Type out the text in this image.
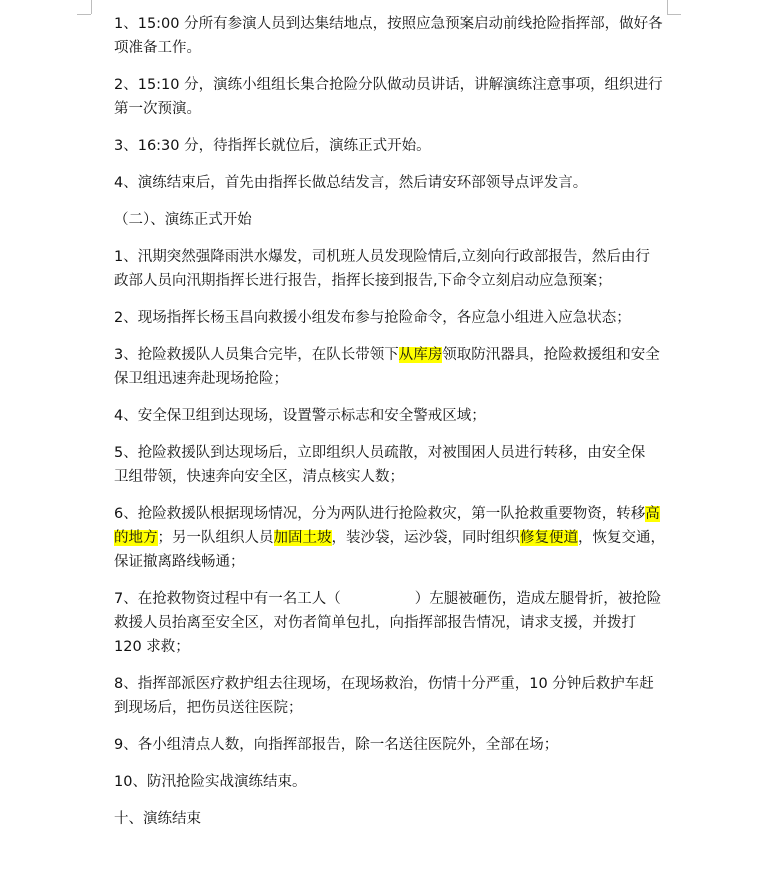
1、15:00 分所有参演人员到达集结地点，按照应急预案启动前线抢险指挥部，做好各
项准备工作。
2、15:10 分，演练小组组长集合抢险分队做动员讲话，讲解演练注意事项，组织进行
第一次预演。
3、16:30 分，待指挥长就位后，演练正式开始。
4、演练结束后，首先由指挥长做总结发言，然后请安环部领导点评发言。
（二）、演练正式开始
1、汛期突然强降雨洪水爆发，司机班人员发现险情后,立刻向行政部报告，然后由行
政部人员向汛期指挥长进行报告，指挥长接到报告,下命令立刻启动应急预案；
2、现场指挥长杨玉昌向救援小组发布参与抢险命令，各应急小组进入应急状态；
3、抢险救援队人员集合完毕，在队长带领下从库房领取防汛器具，抢险救援组和安全
保卫组迅速奔赴现场抢险；
4、安全保卫组到达现场，设置警示标志和安全警戒区域；
5、抢险救援队到达现场后，立即组织人员疏散，对被围困人员进行转移，由安全保
卫组带领，快速奔向安全区，清点核实人数；
6、抢险救援队根据现场情况，分为两队进行抢险救灾，第一队抢救重要物资，转移高
的地方；另一队组织人员加固土坡，装沙袋，运沙袋，同时组织修复便道，恢复交通，
保证撤离路线畅通；
7、在抢救物资过程中有一名工人（	）左腿被砸伤，造成左腿骨折，被抢险
救援人员抬离至安全区，对伤者简单包扎，向指挥部报告情况，请求支援，并拨打
120 求救；
8、指挥部派医疗救护组去往现场，在现场救治，伤情十分严重，10 分钟后救护车赶
到现场后，把伤员送往医院；
9、各小组清点人数，向指挥部报告，除一名送往医院外，全部在场；
10、防汛抢险实战演练结束。
十、演练结束
